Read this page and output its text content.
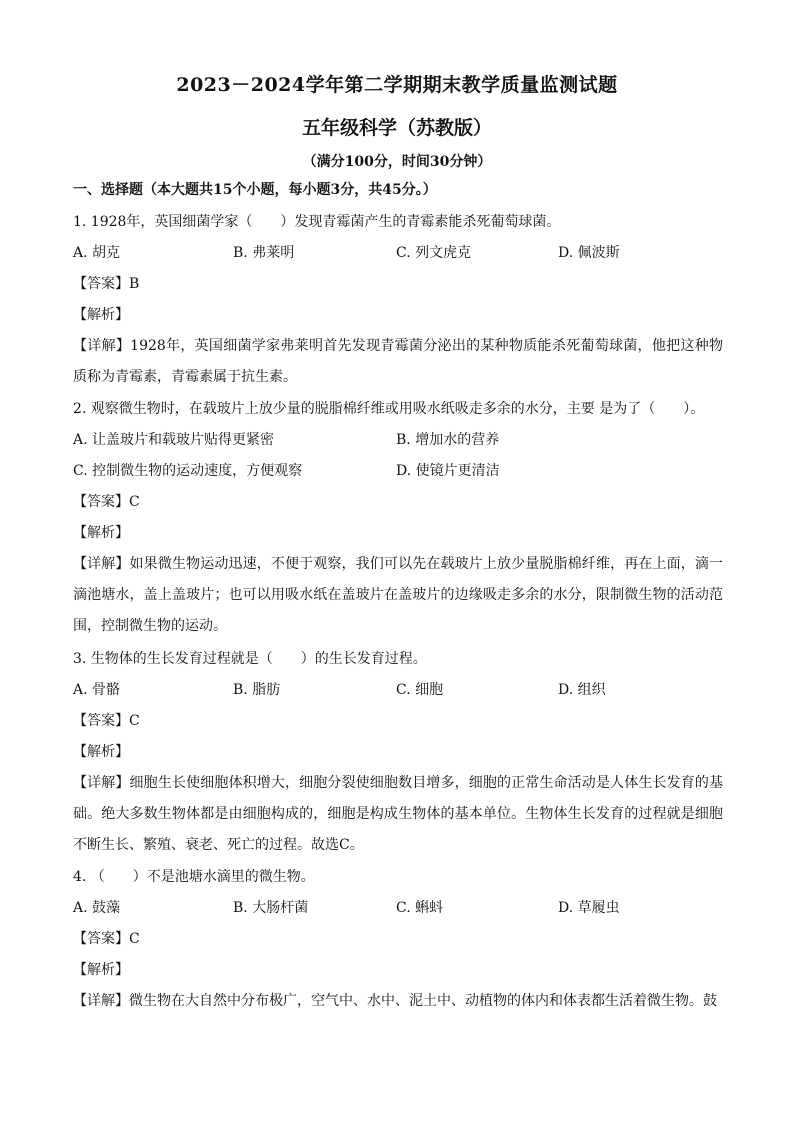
2023－2024学年第二学期期末教学质量监测试题
五年级科学（苏教版）
（满分100分，时间30分钟）
一、选择题（本大题共15个小题，每小题3分，共45分。）
1. 1928年，英国细菌学家（　　）发现青霉菌产生的青霉素能杀死葡萄球菌。
A. 胡克	B. 弗莱明	C. 列文虎克	D. 佩波斯
【答案】B
【解析】
【详解】1928年，英国细菌学家弗莱明首先发现青霉菌分泌出的某种物质能杀死葡萄球菌，他把这种物质称为青霉素，青霉素属于抗生素。
2. 观察微生物时，在载玻片上放少量的脱脂棉纤维或用吸水纸吸走多余的水分，主要 是为了（　　）。
A. 让盖玻片和载玻片贴得更紧密	B. 增加水的营养
C. 控制微生物的运动速度，方便观察	D. 使镜片更清洁
【答案】C
【解析】
【详解】如果微生物运动迅速，不便于观察，我们可以先在载玻片上放少量脱脂棉纤维，再在上面，滴一滴池塘水，盖上盖玻片；也可以用吸水纸在盖玻片在盖玻片的边缘吸走多余的水分，限制微生物的活动范围，控制微生物的运动。
3. 生物体的生长发育过程就是（　　）的生长发育过程。
A. 骨骼	B. 脂肪	C. 细胞	D. 组织
【答案】C
【解析】
【详解】细胞生长使细胞体积增大，细胞分裂使细胞数目增多，细胞的正常生命活动是人体生长发育的基础。绝大多数生物体都是由细胞构成的，细胞是构成生物体的基本单位。生物体生长发育的过程就是细胞不断生长、繁殖、衰老、死亡的过程。故选C。
4. （　　）不是池塘水滴里的微生物。
A. 鼓藻	B. 大肠杆菌	C. 蝌蚪	D. 草履虫
【答案】C
【解析】
【详解】微生物在大自然中分布极广，空气中、水中、泥土中、动植物的体内和体表都生活着微生物。鼓
